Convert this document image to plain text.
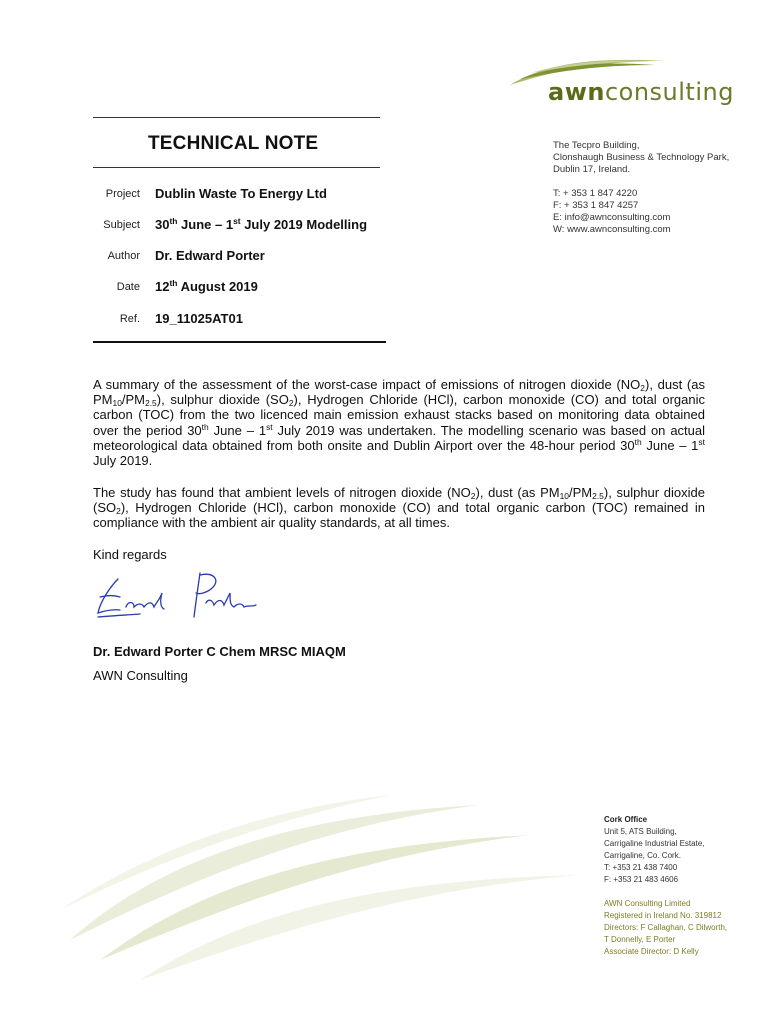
awnconsulting
The Tecpro Building,
Clonshaugh Business & Technology Park,
Dublin 17, Ireland.
T: + 353 1 847 4220
F: + 353 1 847 4257
E: info@awnconsulting.com
W: www.awnconsulting.com
TECHNICAL NOTE
Project Dublin Waste To Energy Ltd
Subject 30th June – 1st July 2019 Modelling
Author Dr. Edward Porter
Date 12th August 2019
Ref. 19_11025AT01
A summary of the assessment of the worst-case impact of emissions of nitrogen dioxide $(NO_2)$, dust (as $PM_{10}/PM_{2.5}$), sulphur dioxide $(SO_2)$, Hydrogen Chloride (HCl), carbon monoxide (CO) and total organic carbon (TOC) from the two licenced main emission exhaust stacks based on monitoring data obtained over the period 30th June – 1st July 2019 was undertaken. The modelling scenario was based on actual meteorological data obtained from both onsite and Dublin Airport over the 48-hour period 30th June – 1st July 2019.
The study has found that ambient levels of nitrogen dioxide $(NO_2)$, dust (as $PM_{10}/PM_{2.5}$), sulphur dioxide $(SO_2)$, Hydrogen Chloride (HCl), carbon monoxide (CO) and total organic carbon (TOC) remained in compliance with the ambient air quality standards, at all times.
Kind regards
Dr. Edward Porter C Chem MRSC MIAQM
AWN Consulting
Cork Office
Unit 5, ATS Building,
Carrigaline Industrial Estate,
Carrigaline, Co. Cork.
T: +353 21 438 7400
F: +353 21 483 4606
AWN Consulting Limited
Registered in Ireland No. 319812
Directors: F Callaghan, C Dilworth,
T Donnelly, E Porter
Associate Director: D Kelly
